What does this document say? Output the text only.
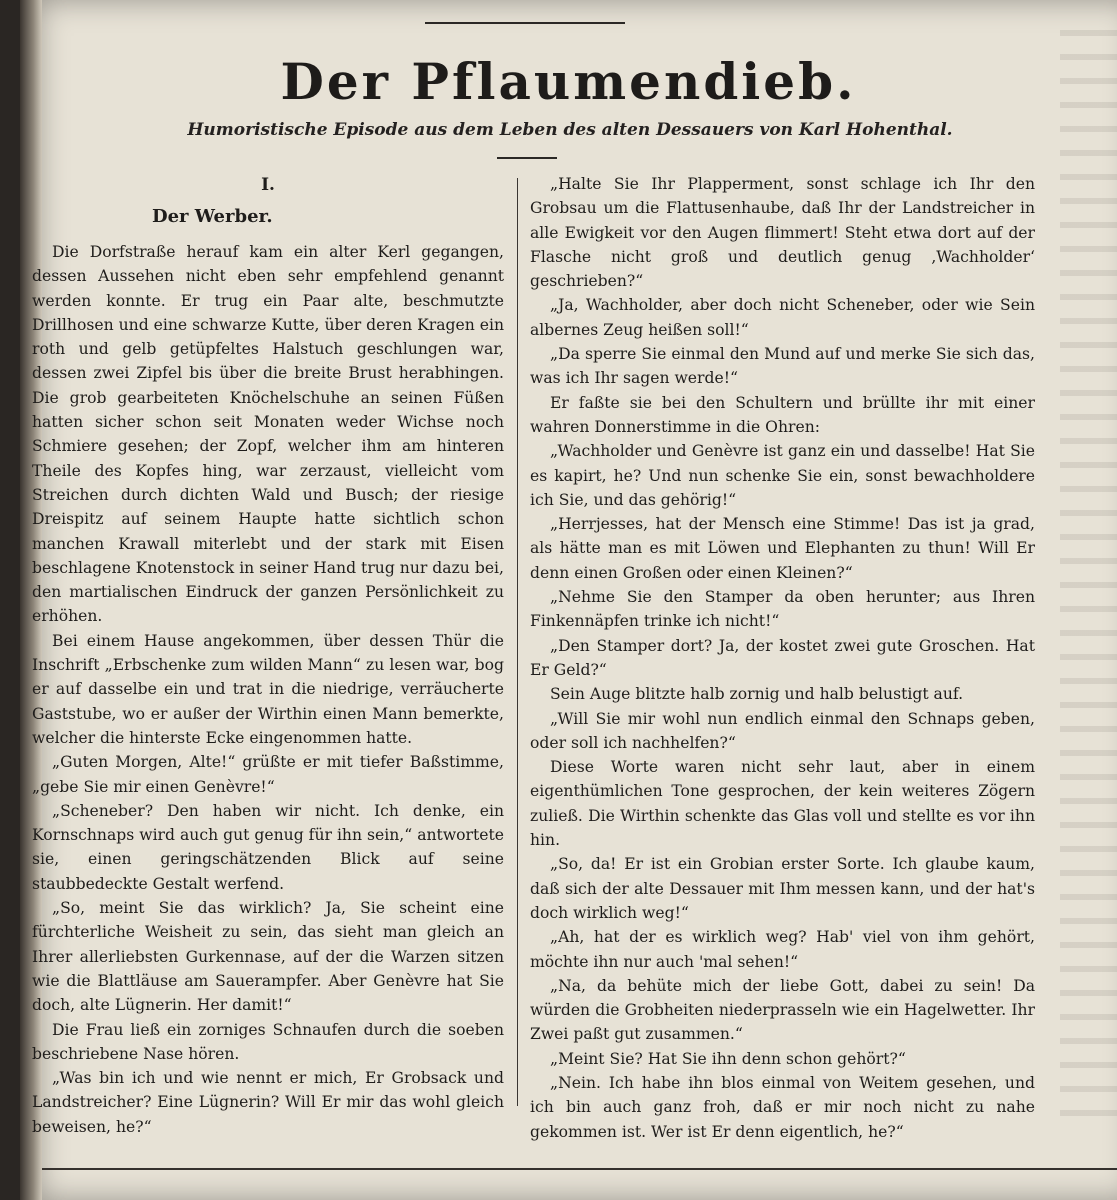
Der Pflaumendieb.
Humoristische Episode aus dem Leben des alten Dessauers von Karl Hohenthal.
I.
Der Werber.

Die Dorfstraße herauf kam ein alter Kerl gegangen, dessen Aussehen nicht eben sehr empfehlend genannt werden konnte. Er trug ein Paar alte, beschmutzte Drillhosen und eine schwarze Kutte, über deren Kragen ein roth und gelb getüpfeltes Halstuch geschlungen war, dessen zwei Zipfel bis über die breite Brust herabhingen. Die grob gearbeiteten Knöchelschuhe an seinen Füßen hatten sicher schon seit Monaten weder Wichse noch Schmiere gesehen; der Zopf, welcher ihm am hinteren Theile des Kopfes hing, war zerzaust, vielleicht vom Streichen durch dichten Wald und Busch; der riesige Dreispitz auf seinem Haupte hatte sichtlich schon manchen Krawall miterlebt und der stark mit Eisen beschlagene Knotenstock in seiner Hand trug nur dazu bei, den martialischen Eindruck der ganzen Persönlichkeit zu erhöhen.

Bei einem Hause angekommen, über dessen Thür die Inschrift „Erbschenke zum wilden Mann“ zu lesen war, bog er auf dasselbe ein und trat in die niedrige, verräucherte Gaststube, wo er außer der Wirthin einen Mann bemerkte, welcher die hinterste Ecke eingenommen hatte.

„Guten Morgen, Alte!“ grüßte er mit tiefer Baßstimme, „gebe Sie mir einen Genèvre!“

„Scheneber? Den haben wir nicht. Ich denke, ein Kornschnaps wird auch gut genug für ihn sein,“ antwortete sie, einen geringschätzenden Blick auf seine staubbedeckte Gestalt werfend.

„So, meint Sie das wirklich? Ja, Sie scheint eine fürchterliche Weisheit zu sein, das sieht man gleich an Ihrer allerliebsten Gurkennase, auf der die Warzen sitzen wie die Blattläuse am Sauerampfer. Aber Genèvre hat Sie doch, alte Lügnerin. Her damit!“

Die Frau ließ ein zorniges Schnaufen durch die soeben beschriebene Nase hören.

„Was bin ich und wie nennt er mich, Er Grobsack und Landstreicher? Eine Lügnerin? Will Er mir das wohl gleich beweisen, he?“

„Halte Sie Ihr Plapperment, sonst schlage ich Ihr den Grobsau um die Flattusenhaube, daß Ihr der Landstreicher in alle Ewigkeit vor den Augen flimmert! Steht etwa dort auf der Flasche nicht groß und deutlich genug ‚Wachholder‘ geschrieben?“

„Ja, Wachholder, aber doch nicht Scheneber, oder wie Sein albernes Zeug heißen soll!“

„Da sperre Sie einmal den Mund auf und merke Sie sich das, was ich Ihr sagen werde!“

Er faßte sie bei den Schultern und brüllte ihr mit einer wahren Donnerstimme in die Ohren:

„Wachholder und Genèvre ist ganz ein und dasselbe! Hat Sie es kapirt, he? Und nun schenke Sie ein, sonst bewachholdere ich Sie, und das gehörig!“

„Herrjesses, hat der Mensch eine Stimme! Das ist ja grad, als hätte man es mit Löwen und Elephanten zu thun! Will Er denn einen Großen oder einen Kleinen?“

„Nehme Sie den Stamper da oben herunter; aus Ihren Finkennäpfen trinke ich nicht!“

„Den Stamper dort? Ja, der kostet zwei gute Groschen. Hat Er Geld?“

Sein Auge blitzte halb zornig und halb belustigt auf.

„Will Sie mir wohl nun endlich einmal den Schnaps geben, oder soll ich nachhelfen?“

Diese Worte waren nicht sehr laut, aber in einem eigenthümlichen Tone gesprochen, der kein weiteres Zögern zuließ. Die Wirthin schenkte das Glas voll und stellte es vor ihn hin.

„So, da! Er ist ein Grobian erster Sorte. Ich glaube kaum, daß sich der alte Dessauer mit Ihm messen kann, und der hat's doch wirklich weg!“

„Ah, hat der es wirklich weg? Hab' viel von ihm gehört, möchte ihn nur auch 'mal sehen!“

„Na, da behüte mich der liebe Gott, dabei zu sein! Da würden die Grobheiten niederprasseln wie ein Hagelwetter. Ihr Zwei paßt gut zusammen.“

„Meint Sie? Hat Sie ihn denn schon gehört?“

„Nein. Ich habe ihn blos einmal von Weitem gesehen, und ich bin auch ganz froh, daß er mir noch nicht zu nahe gekommen ist. Wer ist Er denn eigentlich, he?“
